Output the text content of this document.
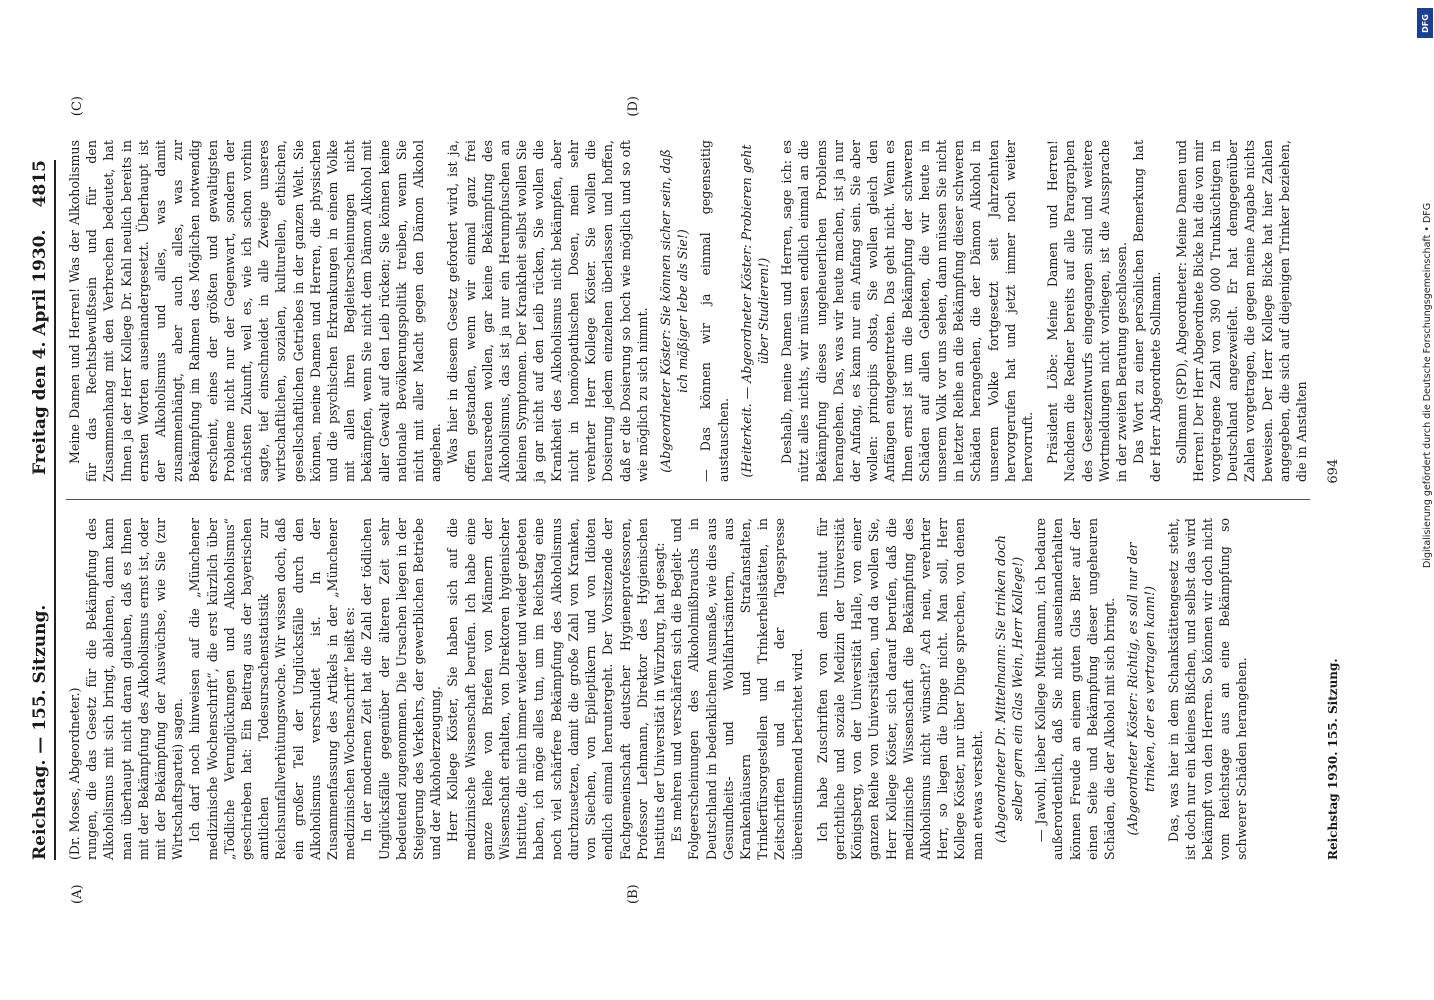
Reichstag. — 155. Sitzung.
Freitag den 4. April 1930.
4815
(A)	(B)
(C)	(D)

(Dr. Moses, Abgeordneter.) rungen, die das Gesetz für die Bekämpfung des Alkoholismus mit sich bringt, ablehnen, dann kann man überhaupt nicht daran glauben, daß es Ihnen mit der Bekämpfung des Alkoholismus ernst ist, oder mit der Bekämpfung der Auswüchse, wie Sie (zur Wirtschaftspartei) sagen. Ich darf noch hinweisen auf die „Münchener medizinische Wochenschrift“, die erst kürzlich über „Tödliche Verunglückungen und Alkoholismus“ geschrieben hat: Ein Beitrag aus der bayerischen amtlichen Todesursachenstatistik zur Reichsunfallverhütungswoche. Wir wissen doch, daß ein großer Teil der Unglücksfälle durch den Alkoholismus verschuldet ist. In der Zusammenfassung des Artikels in der „Münchener medizinischen Wochenschrift“ heißt es: In der modernen Zeit hat die Zahl der tödlichen Unglücksfälle gegenüber der älteren Zeit sehr bedeutend zugenommen. Die Ursachen liegen in der Steigerung des Verkehrs, der gewerblichen Betriebe und der Alkoholerzeugung. Herr Kollege Köster, Sie haben sich auf die medizinische Wissenschaft berufen. Ich habe eine ganze Reihe von Briefen von Männern der Wissenschaft erhalten, von Direktoren hygienischer Institute, die mich immer wieder und wieder gebeten haben, ich möge alles tun, um im Reichstag eine noch viel schärfere Bekämpfung des Alkoholismus durchzusetzen, damit die große Zahl von Kranken, von Siechen, von Epileptikern und von Idioten endlich einmal heruntergeht. Der Vorsitzende der Fachgemeinschaft deutscher Hygieneprofessoren, Professor Lehmann, Direktor des Hygienischen Instituts der Universität in Würzburg, hat gesagt: Es mehren und verschärfen sich die Begleit- und Folgeerscheinungen des Alkoholmißbrauchs in Deutschland in bedenklichem Ausmaße, wie dies aus Gesundheits- und Wohlfahrtsämtern, aus Krankenhäusern und Strafanstalten, Trinkerfürsorgestellen und Trinkerheilstätten, in Zeitschriften und in der Tagespresse übereinstimmend berichtet wird. Ich habe Zuschriften von dem Institut für gerichtliche und soziale Medizin der Universität Königsberg, von der Universität Halle, von einer ganzen Reihe von Universitäten, und da wollen Sie, Herr Kollege Köster, sich darauf berufen, daß die medizinische Wissenschaft die Bekämpfung des Alkoholismus nicht wünscht? Ach nein, verehrter Herr, so liegen die Dinge nicht. Man soll, Herr Kollege Köster, nur über Dinge sprechen, von denen man etwas versteht. (Abgeordneter Dr. Mittelmann: Sie trinken doch selber gern ein Glas Wein, Herr Kollege!) — Jawohl, lieber Kollege Mittelmann, ich bedaure außerordentlich, daß Sie nicht auseinanderhalten können Freude an einem guten Glas Bier auf der einen Seite und Bekämpfung dieser ungeheuren Schäden, die der Alkohol mit sich bringt. (Abgeordneter Köster: Richtig, es soll nur der trinken, der es vertragen kann!) Das, was hier in dem Schankstättengesetz steht, ist doch nur ein kleines Bißchen, und selbst das wird bekämpft von den Herren. So können wir doch nicht vom Reichstage aus an eine Bekämpfung so schwerer Schäden herangehen.

Meine Damen und Herren! Was der Alkoholismus für das Rechtsbewußtsein und für den Zusammenhang mit den Verbrechen bedeutet, hat Ihnen ja der Herr Kollege Dr. Kahl neulich bereits in ernsten Worten auseinandergesetzt. Überhaupt ist der Alkoholismus und alles, was damit zusammenhängt, aber auch alles, was zur Bekämpfung im Rahmen des Möglichen notwendig erscheint, eines der größten und gewaltigsten Probleme nicht nur der Gegenwart, sondern der nächsten Zukunft, weil es, wie ich schon vorhin sagte, tief einschneidet in alle Zweige unseres wirtschaftlichen, sozialen, kulturellen, ethischen, gesellschaftlichen Getriebes in der ganzen Welt. Sie können, meine Damen und Herren, die physischen und die psychischen Erkrankungen in einem Volke mit allen ihren Begleiterscheinungen nicht bekämpfen, wenn Sie nicht dem Dämon Alkohol mit aller Gewalt auf den Leib rücken; Sie können keine nationale Bevölkerungspolitik treiben, wenn Sie nicht mit aller Macht gegen den Dämon Alkohol angehen. Was hier in diesem Gesetz gefordert wird, ist ja, offen gestanden, wenn wir einmal ganz frei herausreden wollen, gar keine Bekämpfung des Alkoholismus, das ist ja nur ein Herumpfuschen an kleinen Symptomen. Der Krankheit selbst wollen Sie ja gar nicht auf den Leib rücken, Sie wollen die Krankheit des Alkoholismus nicht bekämpfen, aber nicht in homöopathischen Dosen, mein sehr verehrter Herr Kollege Köster. Sie wollen die Dosierung jedem einzelnen überlassen und hoffen, daß er die Dosierung so hoch wie möglich und so oft wie möglich zu sich nimmt. (Abgeordneter Köster: Sie können sicher sein, daß ich mäßiger lebe als Sie!) — Das können wir ja einmal gegenseitig austauschen. (Heiterkeit. — Abgeordneter Köster: Probieren geht über Studieren!) Deshalb, meine Damen und Herren, sage ich: es nützt alles nichts, wir müssen endlich einmal an die Bekämpfung dieses ungeheuerlichen Problems herangehen. Das, was wir heute machen, ist ja nur der Anfang, es kann nur ein Anfang sein. Sie aber wollen: principiis obsta, Sie wollen gleich den Anfängen entgegentreten. Das geht nicht. Wenn es Ihnen ernst ist um die Bekämpfung der schweren Schäden auf allen Gebieten, die wir heute in unserem Volk vor uns sehen, dann müssen Sie nicht in letzter Reihe an die Bekämpfung dieser schweren Schäden herangehen, die der Dämon Alkohol in unserem Volke fortgesetzt seit Jahrzehnten hervorgerufen hat und jetzt immer noch weiter hervorruft. Präsident Löbe: Meine Damen und Herren! Nachdem die Redner bereits auf alle Paragraphen des Gesetzentwurfs eingegangen sind und weitere Wortmeldungen nicht vorliegen, ist die Aussprache in der zweiten Beratung geschlossen. Das Wort zu einer persönlichen Bemerkung hat der Herr Abgeordnete Sollmann. Sollmann (SPD), Abgeordneter: Meine Damen und Herren! Der Herr Abgeordnete Bicke hat die von mir vorgetragene Zahl von 390 000 Trunksüchtigen in Deutschland angezweifelt. Er hat demgegenüber Zahlen vorgetragen, die gegen meine Angabe nichts beweisen. Der Herr Kollege Bicke hat hier Zahlen angegeben, die sich auf diejenigen Trinker beziehen, die in Anstalten

Reichstag 1930. 155. Sitzung.
694	Digitalisierung gefördert durch die Deutsche Forschungsgemeinschaft • DFG
DFG
